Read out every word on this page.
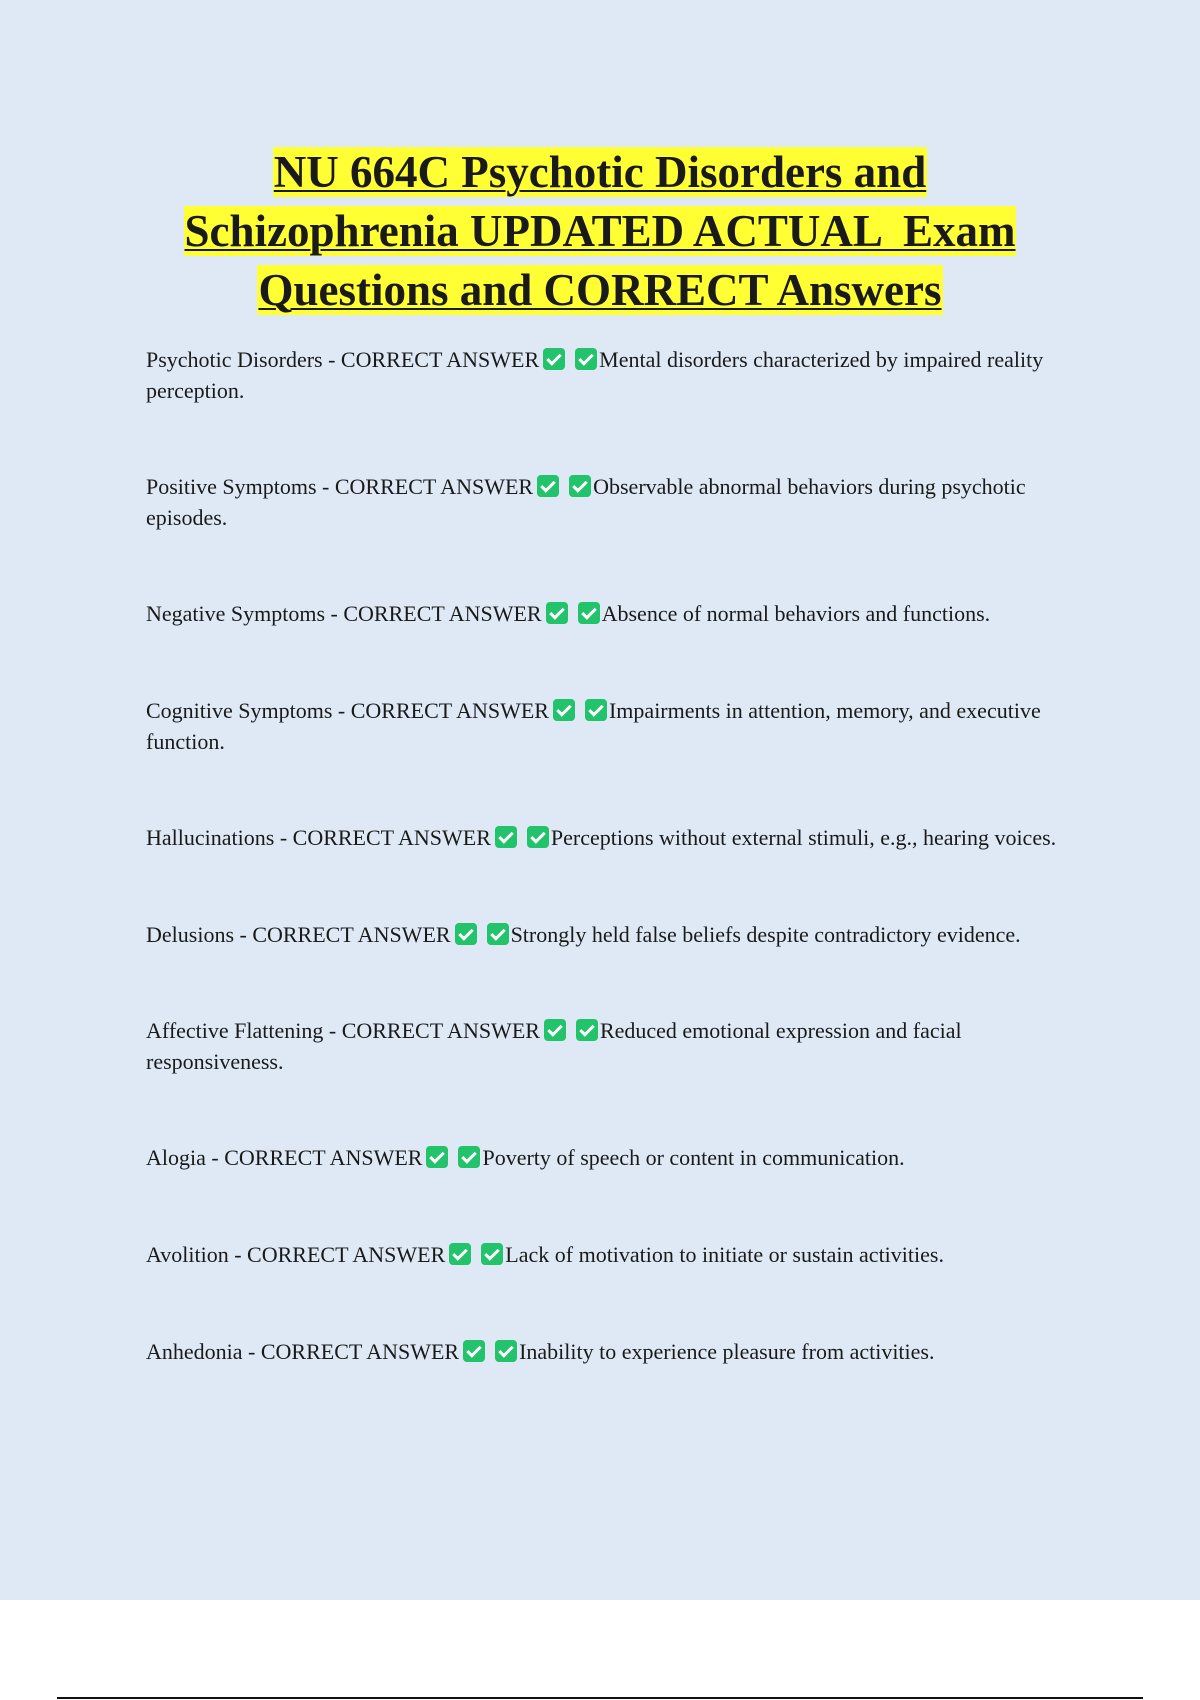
NU 664C Psychotic Disorders and
Schizophrenia UPDATED ACTUAL  Exam
Questions and CORRECT Answers
Psychotic Disorders - CORRECT ANSWER	Mental disorders characterized by impaired reality perception.
Positive Symptoms - CORRECT ANSWER	Observable abnormal behaviors during psychotic episodes.
Negative Symptoms - CORRECT ANSWER	Absence of normal behaviors and functions.
Cognitive Symptoms - CORRECT ANSWER	Impairments in attention, memory, and executive function.
Hallucinations - CORRECT ANSWER	Perceptions without external stimuli, e.g., hearing voices.
Delusions - CORRECT ANSWER	Strongly held false beliefs despite contradictory evidence.
Affective Flattening - CORRECT ANSWER	Reduced emotional expression and facial responsiveness.
Alogia - CORRECT ANSWER	Poverty of speech or content in communication.
Avolition - CORRECT ANSWER	Lack of motivation to initiate or sustain activities.
Anhedonia - CORRECT ANSWER	Inability to experience pleasure from activities.
